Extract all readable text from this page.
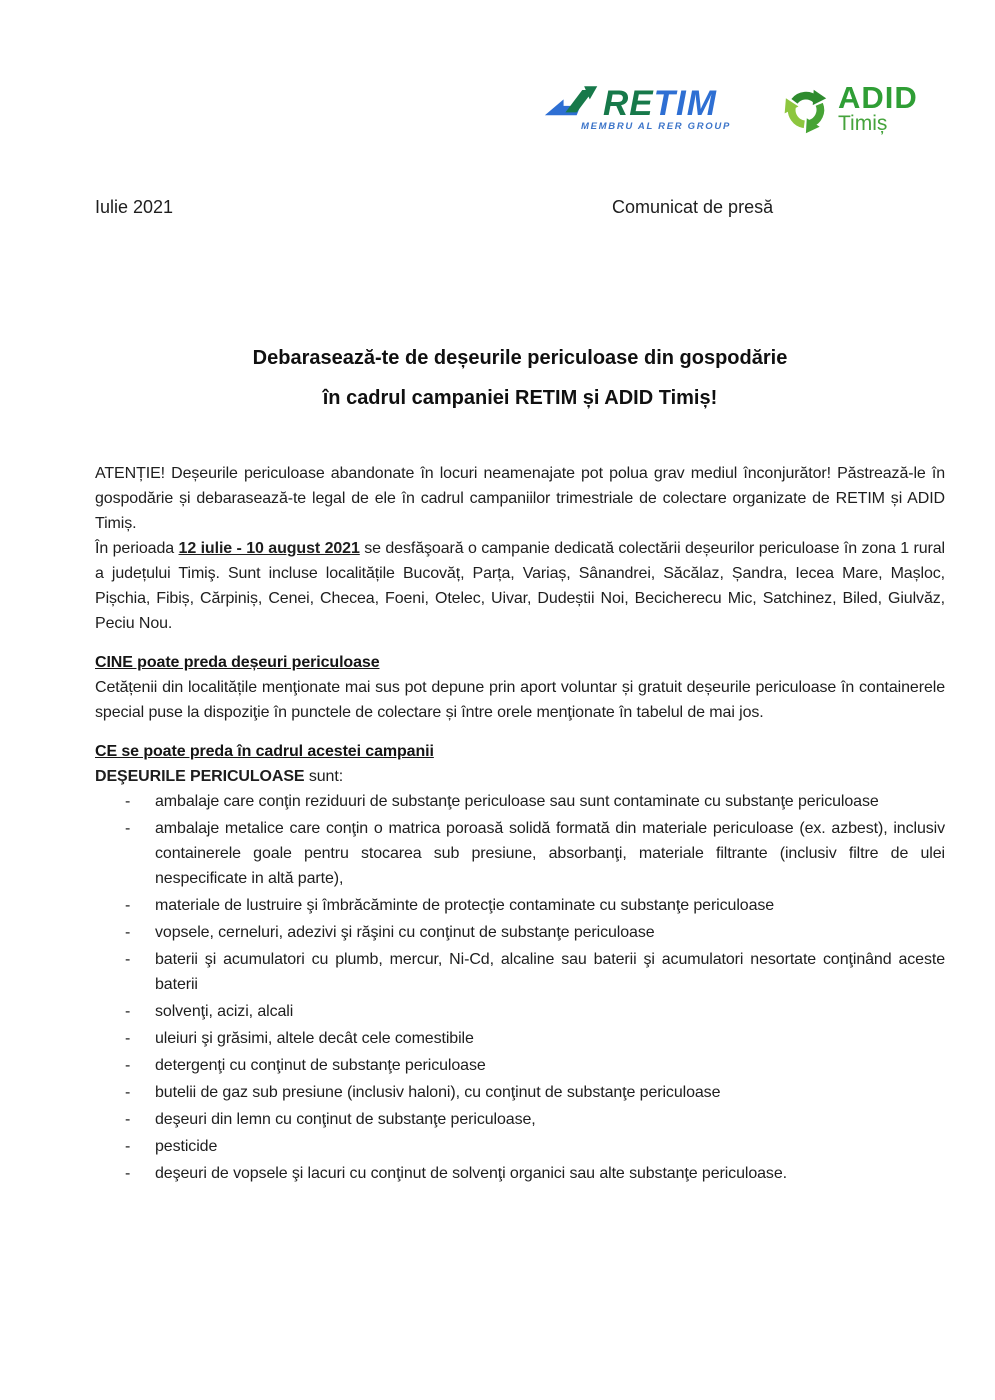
RETIM
MEMBRU AL RER GROUP
ADID
Timiș
Iulie 2021	Comunicat de presă
Debarasează-te de deșeurile periculoase din gospodărie
în cadrul campaniei RETIM și ADID Timiș!

ATENȚIE! Deșeurile periculoase abandonate în locuri neamenajate pot polua grav mediul înconjurător! Păstrează-le în gospodărie și debarasează-te legal de ele în cadrul campaniilor trimestriale de colectare organizate de RETIM și ADID Timiș.

În perioada 12 iulie - 10 august 2021 se desfăşoară o campanie dedicată colectării deșeurilor periculoase în zona 1 rural a județului Timiş. Sunt incluse localitățile Bucovăț, Parța, Variaș, Sânandrei, Săcălaz, Șandra, Iecea Mare, Mașloc, Pișchia, Fibiș, Cărpiniș, Cenei, Checea, Foeni, Otelec, Uivar, Dudeștii Noi, Becicherecu Mic, Satchinez, Biled, Giulvăz, Peciu Nou.

CINE poate preda deșeuri periculoase

Cetățenii din localitățile menţionate mai sus pot depune prin aport voluntar și gratuit deșeurile periculoase în containerele special puse la dispoziţie în punctele de colectare și între orele menţionate în tabelul de mai jos.

CE se poate preda în cadrul acestei campanii

DEŞEURILE PERICULOASE sunt:

-	ambalaje care conţin reziduuri de substanţe periculoase sau sunt contaminate cu substanţe periculoase
-	ambalaje metalice care conţin o matrica poroasă solidă formată din materiale periculoase (ex. azbest), inclusiv containerele goale pentru stocarea sub presiune, absorbanţi, materiale filtrante (inclusiv filtre de ulei nespecificate in altă parte),
-	materiale de lustruire şi îmbrăcăminte de protecţie contaminate cu substanţe periculoase
-	vopsele, cerneluri, adezivi şi răşini cu conţinut de substanţe periculoase
-	baterii şi acumulatori cu plumb, mercur, Ni-Cd, alcaline sau baterii şi acumulatori nesortate conţinând aceste baterii
-	solvenţi, acizi, alcali
-	uleiuri şi grăsimi, altele decât cele comestibile
-	detergenţi cu conţinut de substanţe periculoase
-	butelii de gaz sub presiune (inclusiv haloni), cu conţinut de substanţe periculoase
-	deşeuri din lemn cu conţinut de substanţe periculoase,
-	pesticide
-	deşeuri de vopsele şi lacuri cu conţinut de solvenţi organici sau alte substanţe periculoase.
